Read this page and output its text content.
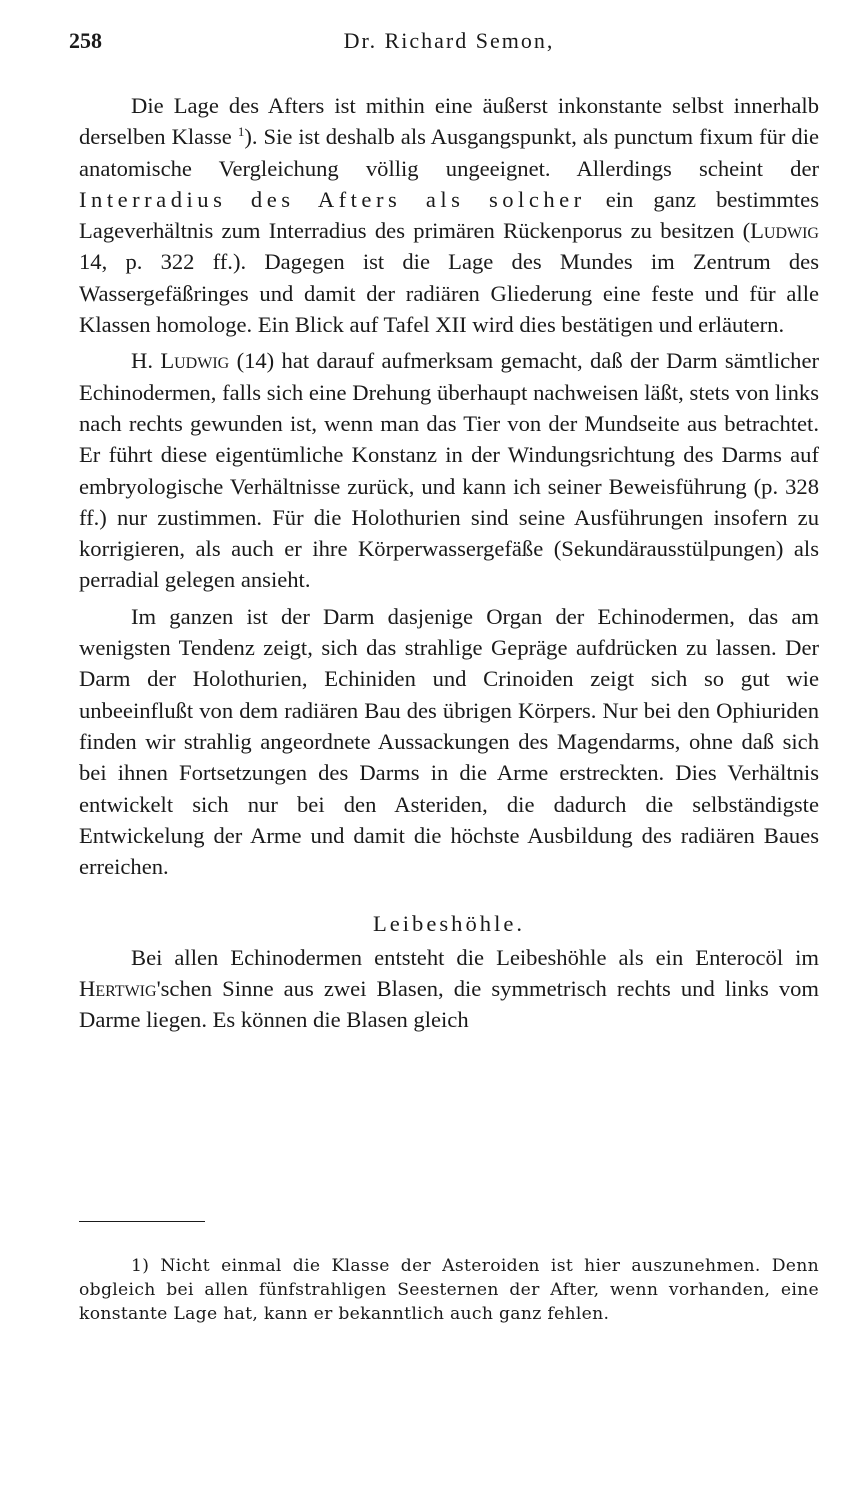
258	Dr. Richard Semon,

Die Lage des Afters ist mithin eine äußerst inkonstante selbst innerhalb derselben Klasse $^1$). Sie ist deshalb als Ausgangspunkt, als punctum fixum für die anatomische Vergleichung völlig ungeeignet. Allerdings scheint der Interradius des Afters als solcher ein ganz bestimmtes Lageverhältnis zum Interradius des primären Rückenporus zu besitzen (Ludwig 14, p. 322 ff.). Dagegen ist die Lage des Mundes im Zentrum des Wassergefäßringes und damit der radiären Gliederung eine feste und für alle Klassen homologe. Ein Blick auf Tafel XII wird dies bestätigen und erläutern.

H. Ludwig (14) hat darauf aufmerksam gemacht, daß der Darm sämtlicher Echinodermen, falls sich eine Drehung überhaupt nachweisen läßt, stets von links nach rechts gewunden ist, wenn man das Tier von der Mundseite aus betrachtet. Er führt diese eigentümliche Konstanz in der Windungsrichtung des Darms auf embryologische Verhältnisse zurück, und kann ich seiner Beweisführung (p. 328 ff.) nur zustimmen. Für die Holothurien sind seine Ausführungen insofern zu korrigieren, als auch er ihre Körperwassergefäße (Sekundärausstülpungen) als perradial gelegen ansieht.

Im ganzen ist der Darm dasjenige Organ der Echinodermen, das am wenigsten Tendenz zeigt, sich das strahlige Gepräge aufdrücken zu lassen. Der Darm der Holothurien, Echiniden und Crinoiden zeigt sich so gut wie unbeeinflußt von dem radiären Bau des übrigen Körpers. Nur bei den Ophiuriden finden wir strahlig angeordnete Aussackungen des Magendarms, ohne daß sich bei ihnen Fortsetzungen des Darms in die Arme erstreckten. Dies Verhältnis entwickelt sich nur bei den Asteriden, die dadurch die selbständigste Entwickelung der Arme und damit die höchste Ausbildung des radiären Baues erreichen.

Leibeshöhle.

Bei allen Echinodermen entsteht die Leibeshöhle als ein Enterocöl im Hertwig'schen Sinne aus zwei Blasen, die symmetrisch rechts und links vom Darme liegen. Es können die Blasen gleich

1) Nicht einmal die Klasse der Asteroiden ist hier auszunehmen. Denn obgleich bei allen fünfstrahligen Seesternen der After, wenn vorhanden, eine konstante Lage hat, kann er bekanntlich auch ganz fehlen.
